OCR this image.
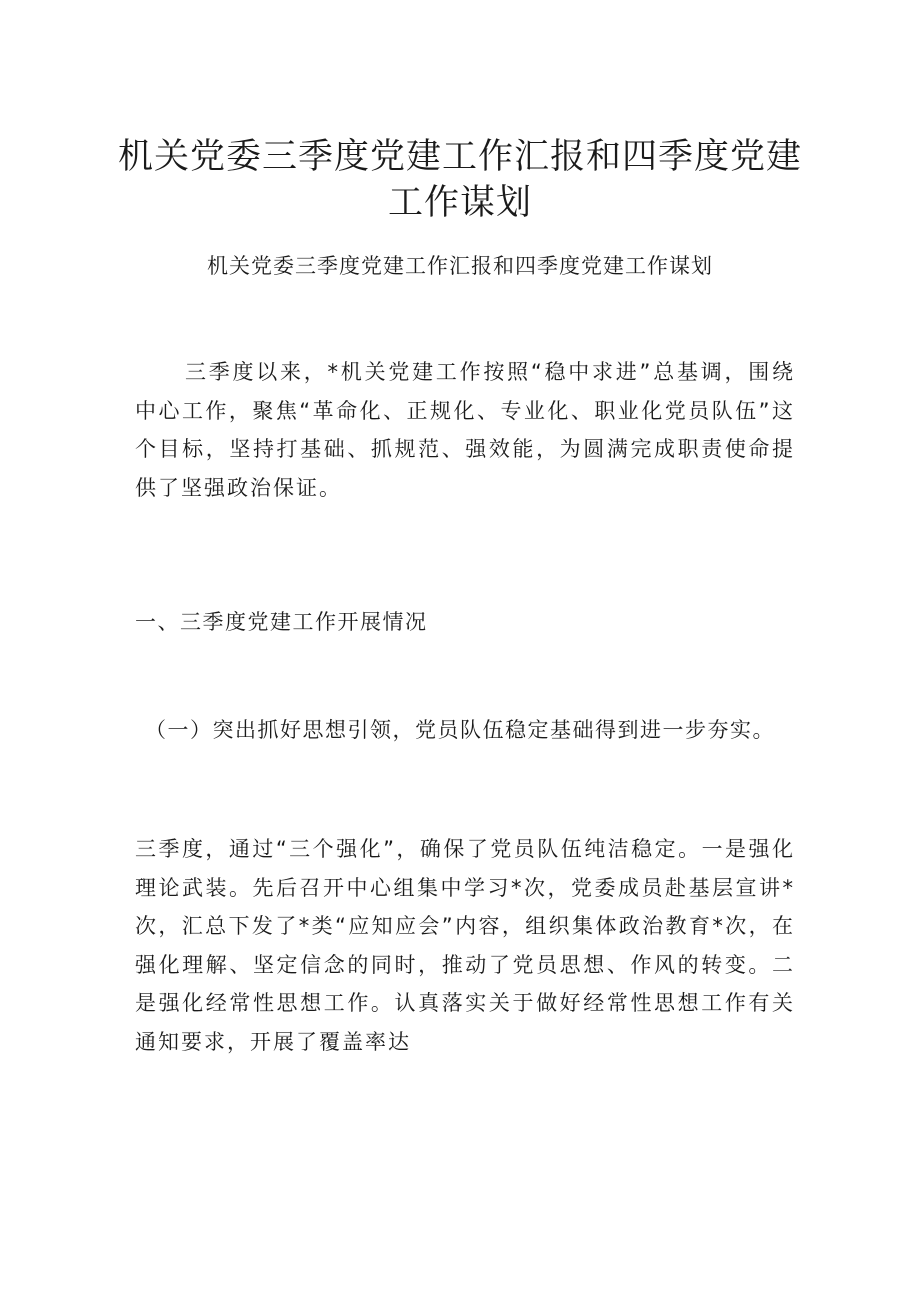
机关党委三季度党建工作汇报和四季度党建
工作谋划

机关党委三季度党建工作汇报和四季度党建工作谋划

三季度以来，*机关党建工作按照“稳中求进”总基调，围绕中心工作，聚焦“革命化、正规化、专业化、职业化党员队伍”这个目标，坚持打基础、抓规范、强效能，为圆满完成职责使命提供了坚强政治保证。

一、三季度党建工作开展情况
（一）突出抓好思想引领，党员队伍稳定基础得到进一步夯实。

三季度，通过“三个强化”，确保了党员队伍纯洁稳定。一是强化理论武装。先后召开中心组集中学习*次，党委成员赴基层宣讲*次，汇总下发了*类“应知应会”内容，组织集体政治教育*次，在强化理解、坚定信念的同时，推动了党员思想、作风的转变。二是强化经常性思想工作。认真落实关于做好经常性思想工作有关通知要求，开展了覆盖率达
